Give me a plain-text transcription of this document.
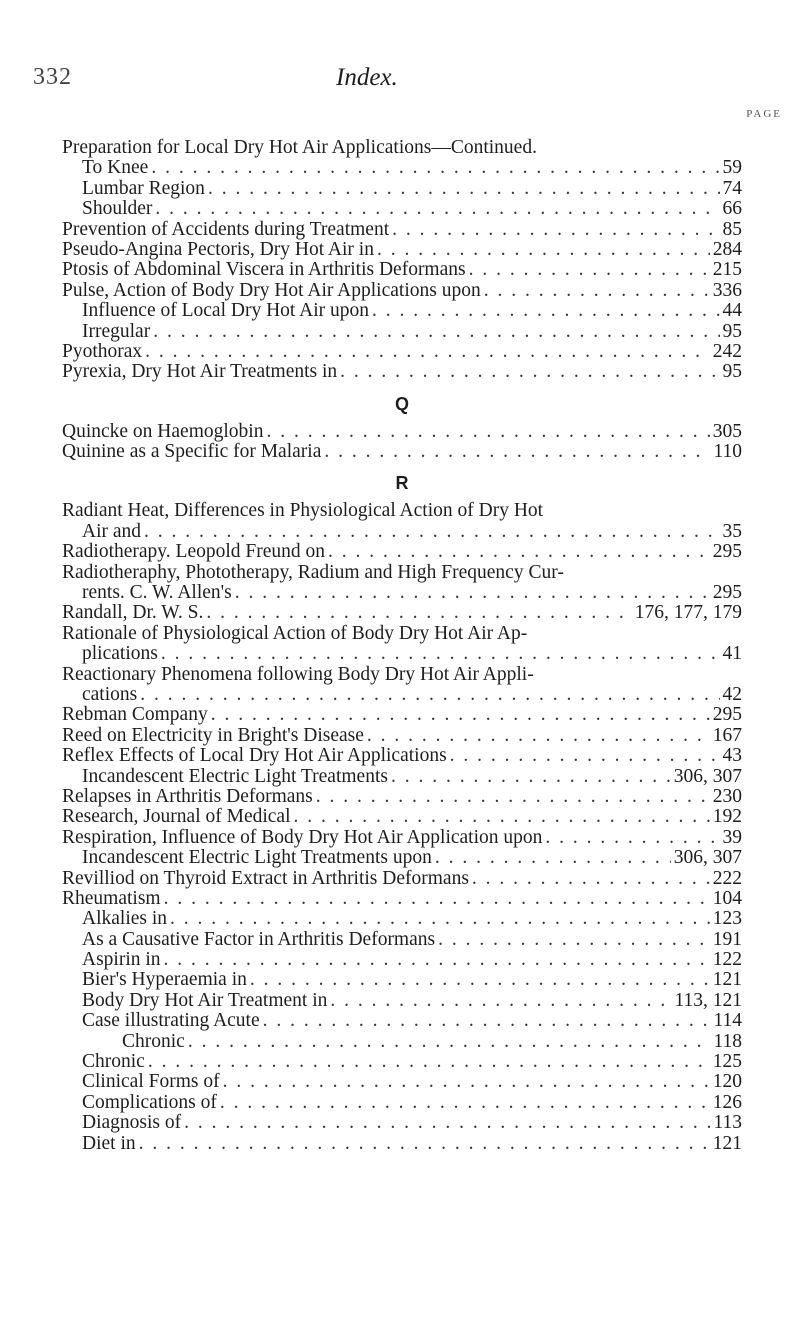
332	Index.
PAGE
Preparation for Local Dry Hot Air Applications—Continued.
To Knee . . .	59
Lumbar Region . . .	74
Shoulder . . .	66
Prevention of Accidents during Treatment . . .	85
Pseudo-Angina Pectoris, Dry Hot Air in . . .	284
Ptosis of Abdominal Viscera in Arthritis Deformans . . .	215
Pulse, Action of Body Dry Hot Air Applications upon . . .	336
Influence of Local Dry Hot Air upon . . .	44
Irregular . . .	95
Pyothorax . . .	242
Pyrexia, Dry Hot Air Treatments in . . .	95
Q
Quincke on Haemoglobin . . .	305
Quinine as a Specific for Malaria . . .	110
R
Radiant Heat, Differences in Physiological Action of Dry Hot
Air and . . .	35
Radiotherapy. Leopold Freund on . . .	295
Radiotheraphy, Phototherapy, Radium and High Frequency Cur-
rents. C. W. Allen's . . .	295
Randall, Dr. W. S. . . .	176, 177, 179
Rationale of Physiological Action of Body Dry Hot Air Ap-
plications . . .	41
Reactionary Phenomena following Body Dry Hot Air Appli-
cations . . .	42
Rebman Company . . .	295
Reed on Electricity in Bright's Disease . . .	167
Reflex Effects of Local Dry Hot Air Applications . . .	43
Incandescent Electric Light Treatments . . .	306, 307
Relapses in Arthritis Deformans . . .	230
Research, Journal of Medical . . .	192
Respiration, Influence of Body Dry Hot Air Application upon . . .	39
Incandescent Electric Light Treatments upon . . .	306, 307
Revilliod on Thyroid Extract in Arthritis Deformans . . .	222
Rheumatism . . .	104
Alkalies in . . .	123
As a Causative Factor in Arthritis Deformans . . .	191
Aspirin in . . .	122
Bier's Hyperaemia in . . .	121
Body Dry Hot Air Treatment in . . .	113, 121
Case illustrating Acute . . .	114
Chronic . . .	118
Chronic . . .	125
Clinical Forms of . . .	120
Complications of . . .	126
Diagnosis of . . .	113
Diet in . . .	121
